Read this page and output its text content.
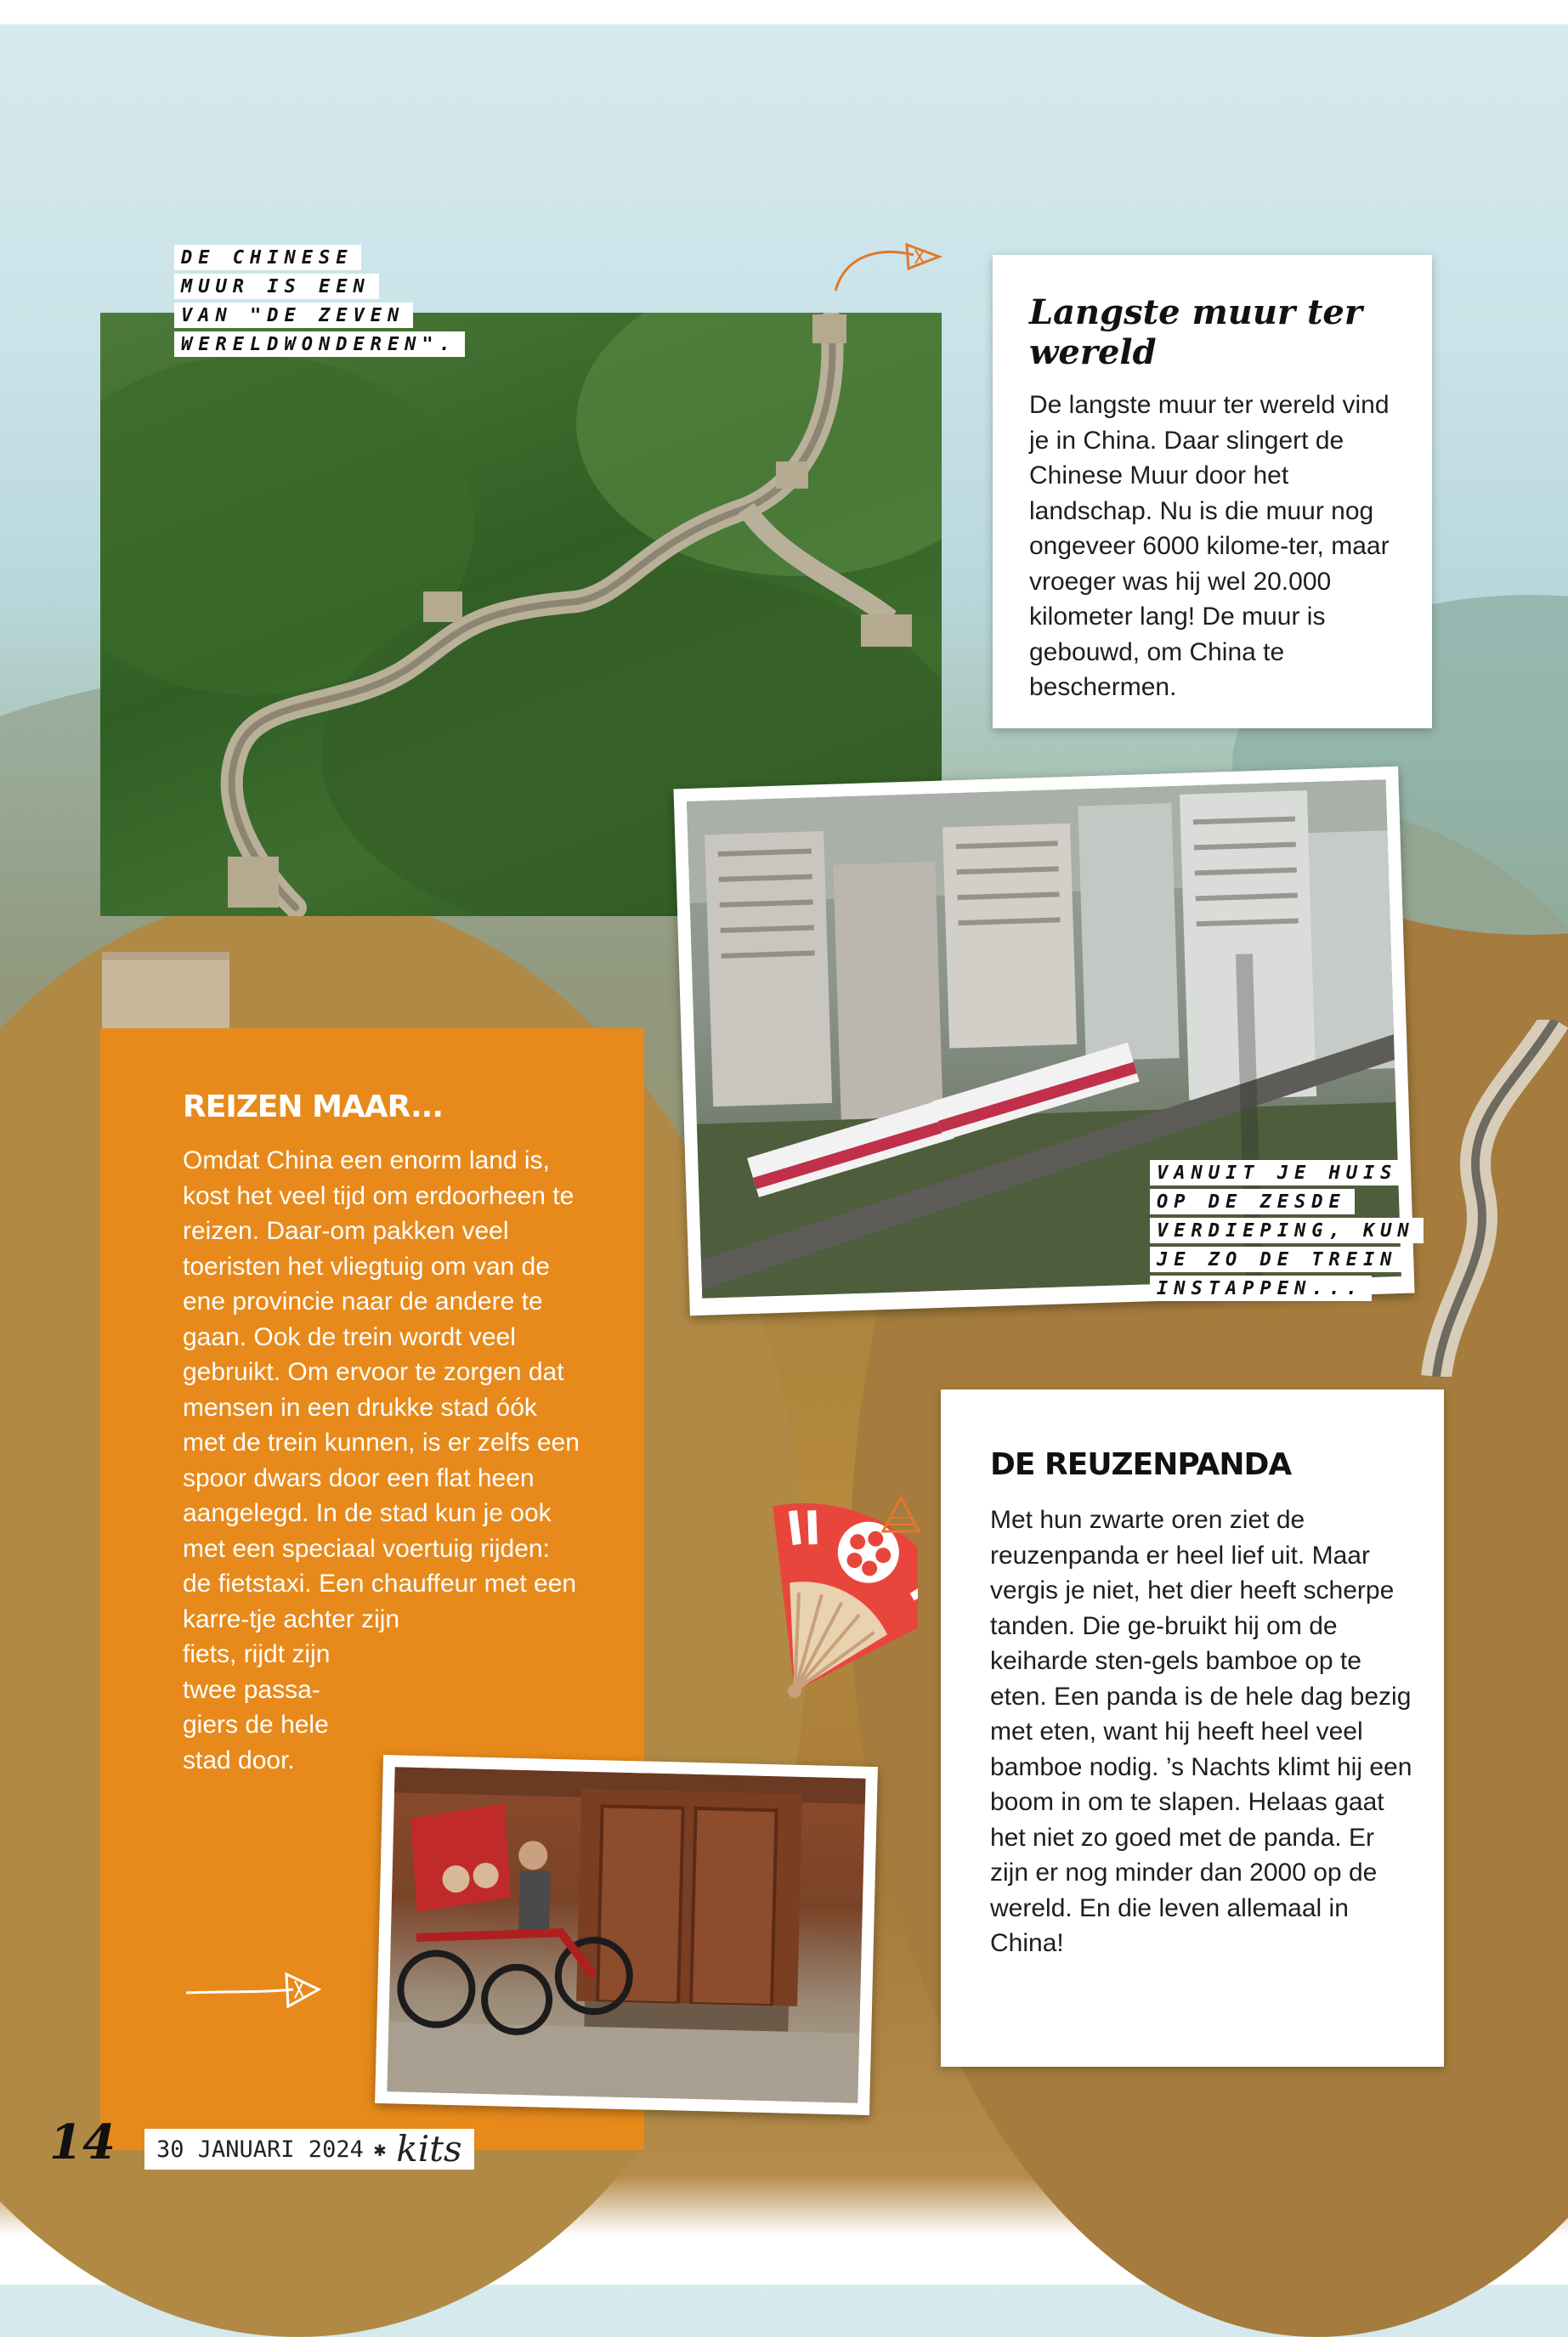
DE CHINESE
MUUR IS EEN
VAN "DE ZEVEN
WERELDWONDEREN".
Langste muur ter wereld

De langste muur ter wereld vind je in China. Daar slingert de Chinese Muur door het landschap. Nu is die muur nog ongeveer 6000 kilome-ter, maar vroeger was hij wel 20.000 kilometer lang! De muur is gebouwd, om China te beschermen.

VANUIT JE HUIS
OP DE ZESDE
VERDIEPING, KUN
JE ZO DE TREIN
INSTAPPEN...
REIZEN MAAR...

Omdat China een enorm land is, kost het veel tijd om erdoorheen te reizen. Daar-om pakken veel toeristen het vliegtuig om van de ene provincie naar de andere te gaan. Ook de trein wordt veel gebruikt. Om ervoor te zorgen dat mensen in een drukke stad óók met de trein kunnen, is er zelfs een spoor dwars door een flat heen aangelegd. In de stad kun je ook met een speciaal voertuig rijden: de fietstaxi. Een chauffeur met een karre-tje achter zijn

fiets, rijdt zijn twee passa-giers de hele stad door.

DE REUZENPANDA

Met hun zwarte oren ziet de reuzenpanda er heel lief uit. Maar vergis je niet, het dier heeft scherpe tanden. Die ge-bruikt hij om de keiharde sten-gels bamboe op te eten. Een panda is de hele dag bezig met eten, want hij heeft heel veel bamboe nodig. ’s Nachts klimt hij een boom in om te slapen. Helaas gaat het niet zo goed met de panda. Er zijn er nog minder dan 2000 op de wereld. En die leven allemaal in China!

14 30 JANUARI 2024 ✱ kits
